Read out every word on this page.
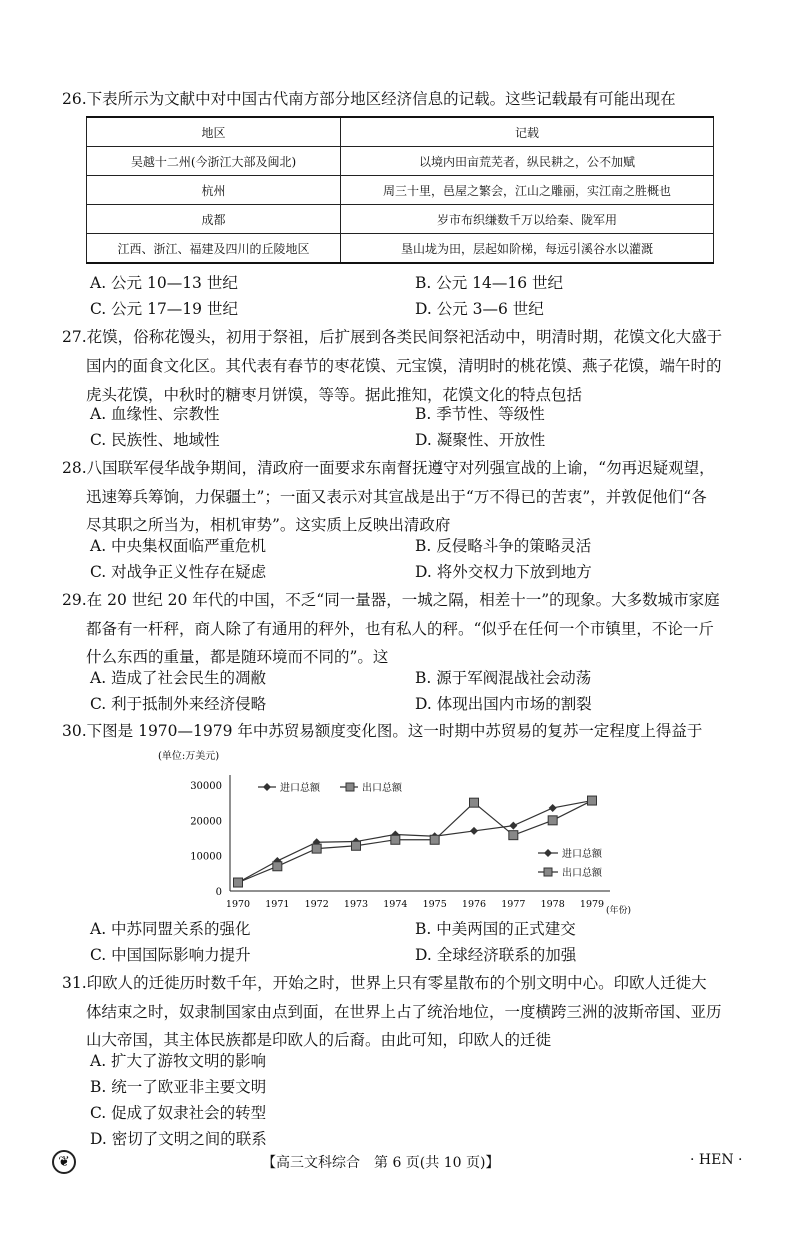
26.下表所示为文献中对中国古代南方部分地区经济信息的记载。这些记载最有可能出现在
地区	记载
吴越十二州(今浙江大部及闽北)	以境内田亩荒芜者，纵民耕之，公不加赋
杭州	周三十里，邑屋之繁会，江山之雕丽，实江南之胜概也
成都	岁市布织缣数千万以给秦、陇军用
江西、浙江、福建及四川的丘陵地区	垦山垅为田，层起如阶梯，每远引溪谷水以灌溉
A. 公元 10—13 世纪	B. 公元 14—16 世纪
C. 公元 17—19 世纪	D. 公元 3—6 世纪
27.花馍，俗称花馒头，初用于祭祖，后扩展到各类民间祭祀活动中，明清时期，花馍文化大盛于
国内的面食文化区。其代表有春节的枣花馍、元宝馍，清明时的桃花馍、燕子花馍，端午时的
虎头花馍，中秋时的糖枣月饼馍，等等。据此推知，花馍文化的特点包括
A. 血缘性、宗教性	B. 季节性、等级性
C. 民族性、地域性	D. 凝聚性、开放性
28.八国联军侵华战争期间，清政府一面要求东南督抚遵守对列强宣战的上谕，“勿再迟疑观望，
迅速筹兵筹饷，力保疆土”；一面又表示对其宣战是出于“万不得已的苦衷”，并敦促他们“各
尽其职之所当为，相机审势”。这实质上反映出清政府
A. 中央集权面临严重危机	B. 反侵略斗争的策略灵活
C. 对战争正义性存在疑虑	D. 将外交权力下放到地方
29.在 20 世纪 20 年代的中国，不乏“同一量器，一城之隔，相差十一”的现象。大多数城市家庭
都备有一杆秤，商人除了有通用的秤外，也有私人的秤。“似乎在任何一个市镇里，不论一斤
什么东西的重量，都是随环境而不同的”。这
A. 造成了社会民生的凋敝	B. 源于军阀混战社会动荡
C. 利于抵制外来经济侵略	D. 体现出国内市场的割裂
30.下图是 1970—1979 年中苏贸易额度变化图。这一时期中苏贸易的复苏一定程度上得益于
(单位:万美元)
0
10000
20000
30000
1970 1971 1972 1973 1974 1975 1976 1977 1978 1979
(年份)
进口总额	出口总额
进口总额
出口总额
A. 中苏同盟关系的强化	B. 中美两国的正式建交
C. 中国国际影响力提升	D. 全球经济联系的加强
31.印欧人的迁徙历时数千年，开始之时，世界上只有零星散布的个别文明中心。印欧人迁徙大
体结束之时，奴隶制国家由点到面，在世界上占了统治地位，一度横跨三洲的波斯帝国、亚历
山大帝国，其主体民族都是印欧人的后裔。由此可知，印欧人的迁徙
A. 扩大了游牧文明的影响
B. 统一了欧亚非主要文明
C. 促成了奴隶社会的转型
D. 密切了文明之间的联系
❦	【高三文科综合　第 6 页(共 10 页)】	· HEN ·
